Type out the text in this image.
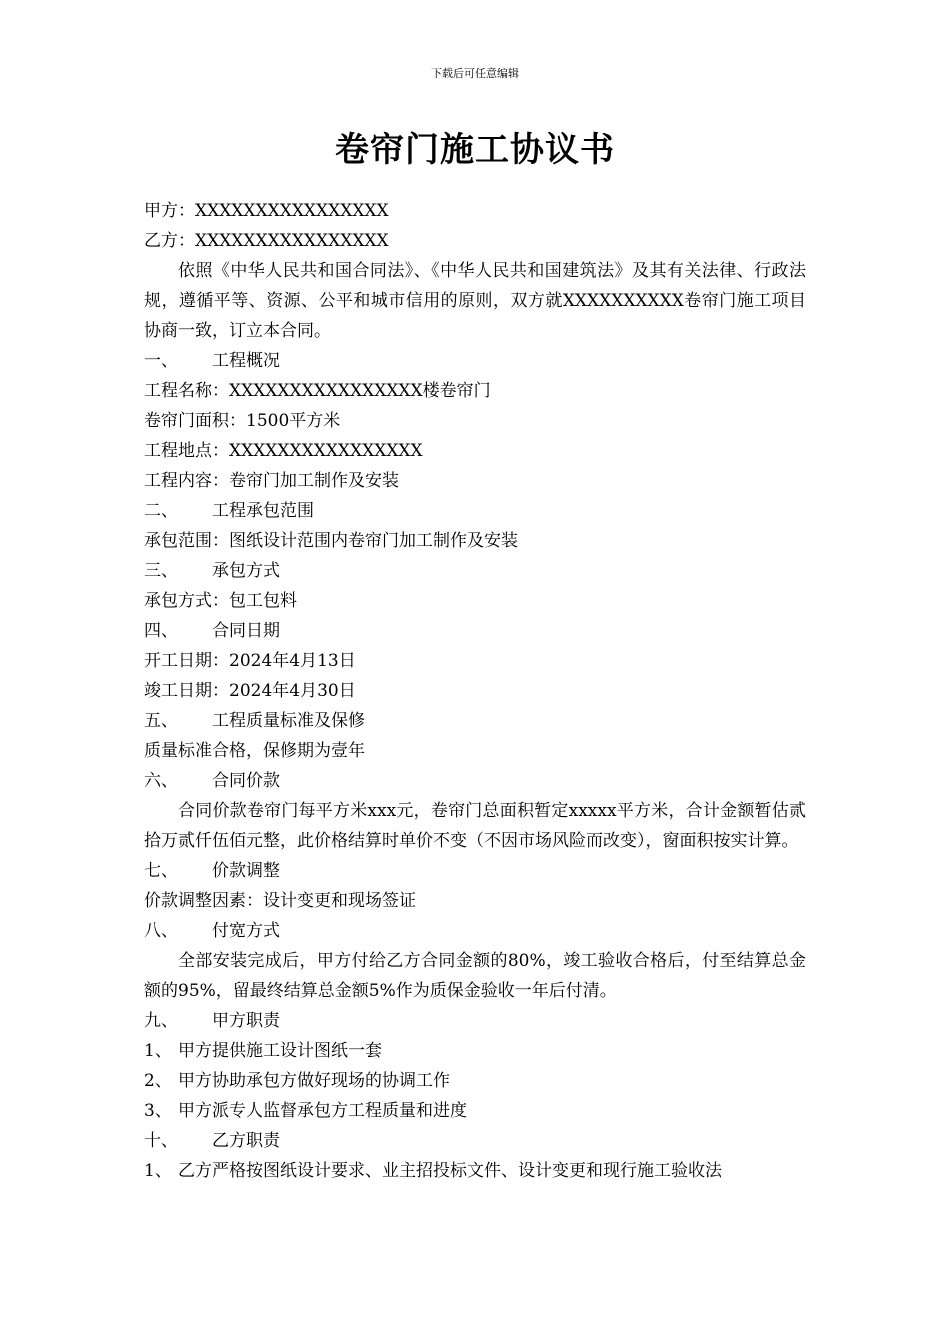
下载后可任意编辑
卷帘门施工协议书
甲方：XXXXXXXXXXXXXXXX
乙方：XXXXXXXXXXXXXXXX
依照《中华人民共和国合同法》、《中华人民共和国建筑法》及其有关法律、行政法规，遵循平等、资源、公平和城市信用的原则，双方就XXXXXXXXXX卷帘门施工项目协商一致，订立本合同。
一、	工程概况
工程名称：XXXXXXXXXXXXXXXX楼卷帘门
卷帘门面积：1500平方米
工程地点：XXXXXXXXXXXXXXXX
工程内容：卷帘门加工制作及安装
二、	工程承包范围
承包范围：图纸设计范围内卷帘门加工制作及安装
三、	承包方式
承包方式：包工包料
四、	合同日期
开工日期：2024年4月13日
竣工日期：2024年4月30日
五、	工程质量标准及保修
质量标准合格，保修期为壹年
六、	合同价款
合同价款卷帘门每平方米xxx元，卷帘门总面积暂定xxxxx平方米，合计金额暂估贰拾万贰仟伍佰元整，此价格结算时单价不变（不因市场风险而改变），窗面积按实计算。
七、	价款调整
价款调整因素：设计变更和现场签证
八、	付宽方式
全部安装完成后，甲方付给乙方合同金额的80%，竣工验收合格后，付至结算总金额的95%，留最终结算总金额5%作为质保金验收一年后付清。
九、	甲方职责
1、 甲方提供施工设计图纸一套
2、 甲方协助承包方做好现场的协调工作
3、 甲方派专人监督承包方工程质量和进度
十、	乙方职责
1、 乙方严格按图纸设计要求、业主招投标文件、设计变更和现行施工验收法
